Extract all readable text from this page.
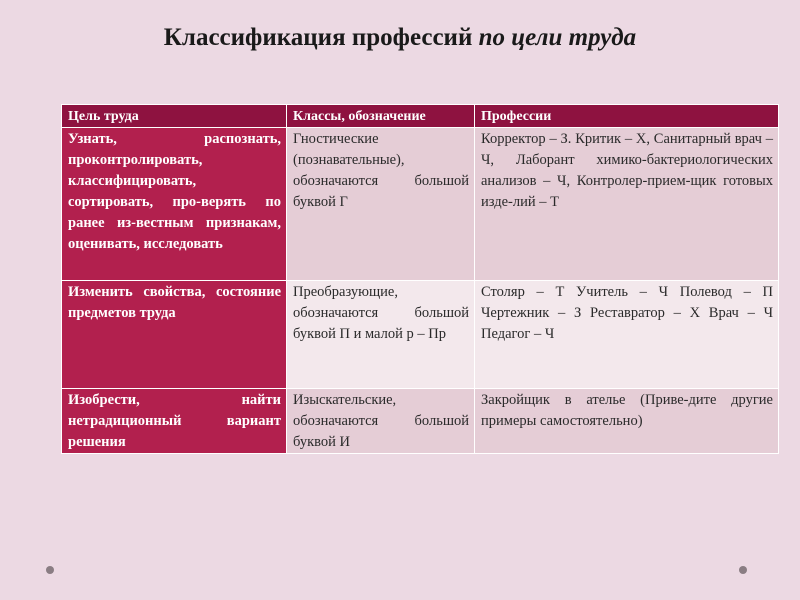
Классификация профессий по цели труда
Цель труда	Классы, обозначение	Профессии
Узнать, распознать, проконтролировать, классифицировать, сортировать, про-верять по ранее из-вестным признакам, оценивать, исследовать	Гностические (познавательные), обозначаются большой буквой Г	Корректор – З. Критик – Х, Санитарный врач – Ч, Лаборант химико-бактериологических анализов – Ч, Контролер-прием-щик готовых изде-лий – Т
Изменить свойства, состояние предметов труда	Преобразующие, обозначаются большой буквой П и малой р – Пр	Столяр – Т Учитель – Ч Полевод – П Чертежник – З Реставратор – Х Врач – Ч Педагог – Ч
Изобрести, найти нетрадиционный вариант решения	Изыскательские, обозначаются большой буквой И	Закройщик в ателье (Приве-дите другие примеры самостоятельно)
